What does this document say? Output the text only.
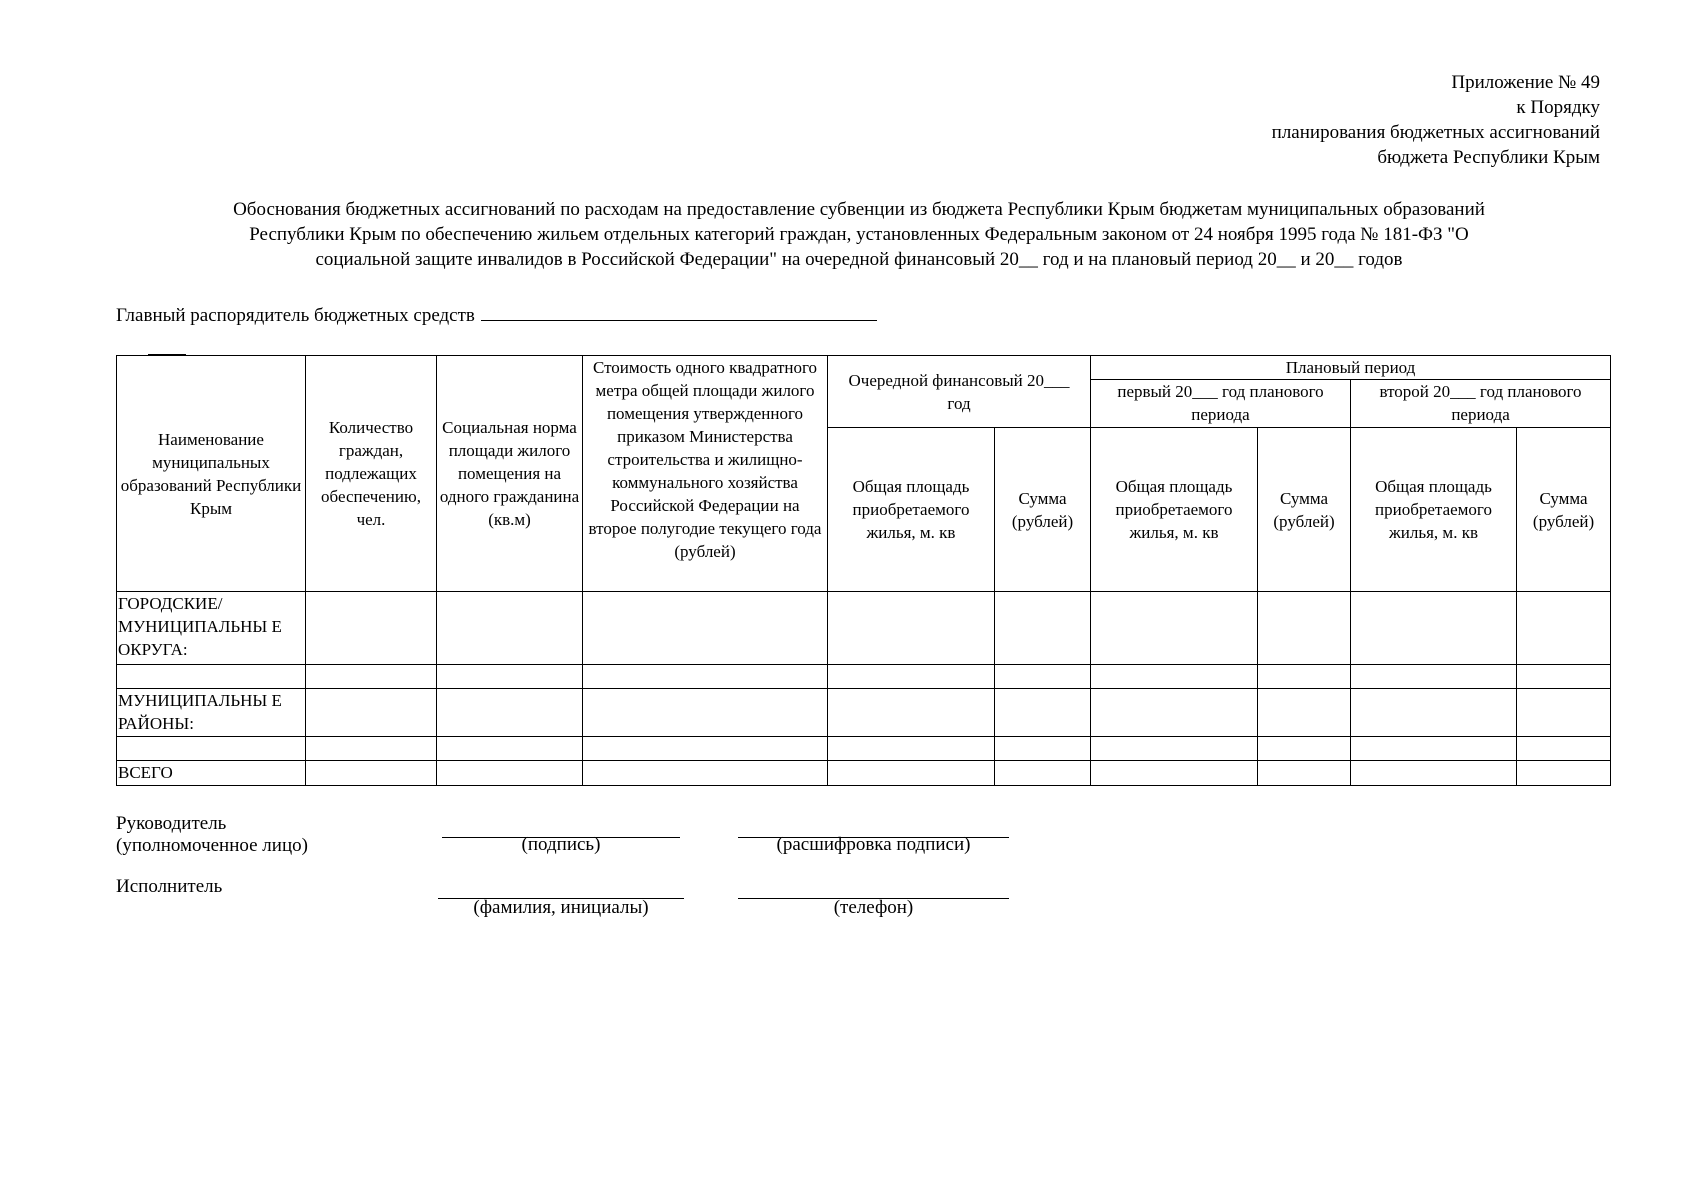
Приложение № 49
к Порядку
планирования бюджетных ассигнований
бюджета Республики Крым
Обоснования бюджетных ассигнований по расходам на предоставление субвенции из бюджета Республики Крым бюджетам муниципальных образований
Республики Крым по обеспечению жильем отдельных категорий граждан, установленных Федеральным законом от 24 ноября 1995 года № 181-ФЗ "О
социальной защите инвалидов в Российской Федерации" на очередной финансовый 20__ год и на плановый период 20__ и 20__ годов
Главный распорядитель бюджетных средств
Наименование муниципальных образований Республики Крым	Количество граждан, подлежащих обеспечению, чел.	Социальная норма площади жилого помещения на одного гражданина (кв.м)	Стоимость одного квадратного метра общей площади жилого помещения утвержденного приказом Министерства строительства и жилищно-коммунального хозяйства Российской Федерации на второе полугодие текущего года (рублей)	Очередной финансовый 20___ год		Плановый период			
						первый 20___ год планового периода		второй 20___ год планового периода	
				Общая площадь приобретаемого жилья, м. кв	Сумма (рублей)	Общая площадь приобретаемого жилья, м. кв	Сумма (рублей)	Общая площадь приобретаемого жилья, м. кв	Сумма (рублей)

ГОРОДСКИЕ/ МУНИЦИПАЛЬНЫ Е ОКРУГА:									

МУНИЦИПАЛЬНЫ Е РАЙОНЫ:									

ВСЕГО									
Руководитель
(уполномоченное лицо)	(подпись)	(расшифровка подписи)
Исполнитель
(фамилия, инициалы)	(телефон)
